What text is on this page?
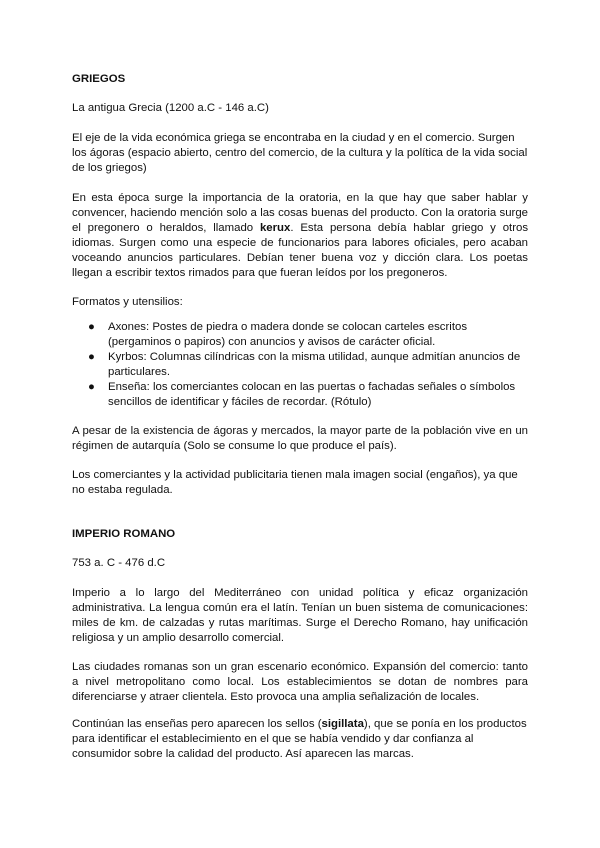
GRIEGOS

La antigua Grecia (1200 a.C - 146 a.C)

El eje de la vida económica griega se encontraba en la ciudad y en el comercio. Surgen los ágoras (espacio abierto, centro del comercio, de la cultura y la política de la vida social de los griegos)

En esta época surge la importancia de la oratoria, en la que hay que saber hablar y convencer, haciendo mención solo a las cosas buenas del producto. Con la oratoria surge el pregonero o heraldos, llamado kerux. Esta persona debía hablar griego y otros idiomas. Surgen como una especie de funcionarios para labores oficiales, pero acaban voceando anuncios particulares. Debían tener buena voz y dicción clara. Los poetas llegan a escribir textos rimados para que fueran leídos por los pregoneros.

Formatos y utensilios:

● Axones: Postes de piedra o madera donde se colocan carteles escritos (pergaminos o papiros) con anuncios y avisos de carácter oficial.
● Kyrbos: Columnas cilíndricas con la misma utilidad, aunque admitían anuncios de particulares.
● Enseña: los comerciantes colocan en las puertas o fachadas señales o símbolos sencillos de identificar y fáciles de recordar. (Rótulo)

A pesar de la existencia de ágoras y mercados, la mayor parte de la población vive en un régimen de autarquía (Solo se consume lo que produce el país).

Los comerciantes y la actividad publicitaria tienen mala imagen social (engaños), ya que no estaba regulada.

IMPERIO ROMANO

753 a. C - 476 d.C

Imperio a lo largo del Mediterráneo con unidad política y eficaz organización administrativa. La lengua común era el latín. Tenían un buen sistema de comunicaciones: miles de km. de calzadas y rutas marítimas. Surge el Derecho Romano, hay unificación religiosa y un amplio desarrollo comercial.

Las ciudades romanas son un gran escenario económico. Expansión del comercio: tanto a nivel metropolitano como local. Los establecimientos se dotan de nombres para diferenciarse y atraer clientela. Esto provoca una amplia señalización de locales.

Continúan las enseñas pero aparecen los sellos (sigillata), que se ponía en los productos para identificar el establecimiento en el que se había vendido y dar confianza al consumidor sobre la calidad del producto. Así aparecen las marcas.
